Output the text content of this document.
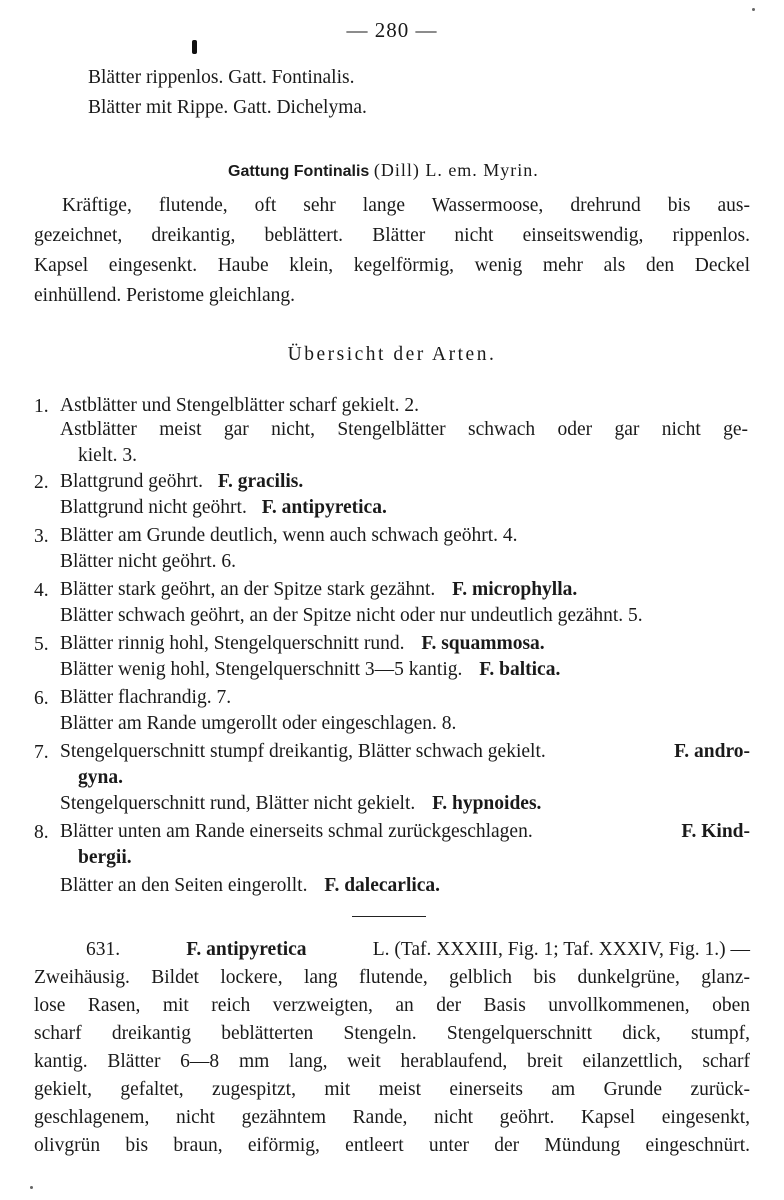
— 280 —
Blätter rippenlos. Gatt. Fontinalis.
Blätter mit Rippe. Gatt. Dichelyma.
Gattung Fontinalis (Dill) L. em. Myrin.
Kräftige, flutende, oft sehr lange Wassermoose, drehrund bis aus-
gezeichnet, dreikantig, beblättert. Blätter nicht einseitswendig, rippenlos.
Kapsel eingesenkt. Haube klein, kegelförmig, wenig mehr als den Deckel
einhüllend. Peristome gleichlang.
Übersicht der Arten.
1. Astblätter und Stengelblätter scharf gekielt. 2.
Astblätter meist gar nicht, Stengelblätter schwach oder gar nicht ge-
kielt. 3.
2. Blattgrund geöhrt. F. gracilis.
Blattgrund nicht geöhrt. F. antipyretica.
3. Blätter am Grunde deutlich, wenn auch schwach geöhrt. 4.
Blätter nicht geöhrt. 6.
4. Blätter stark geöhrt, an der Spitze stark gezähnt. F. microphylla.
Blätter schwach geöhrt, an der Spitze nicht oder nur undeutlich gezähnt. 5.
5. Blätter rinnig hohl, Stengelquerschnitt rund. F. squammosa.
Blätter wenig hohl, Stengelquerschnitt 3—5 kantig. F. baltica.
6. Blätter flachrandig. 7.
Blätter am Rande umgerollt oder eingeschlagen. 8.
7. Stengelquerschnitt stumpf dreikantig, Blätter schwach gekielt.	F. andro-
gyna.
Stengelquerschnitt rund, Blätter nicht gekielt. F. hypnoides.
8. Blätter unten am Rande einerseits schmal zurückgeschlagen.	F. Kind-
bergii.
Blätter an den Seiten eingerollt. F. dalecarlica.
631.	F. antipyretica	L. (Taf. XXXIII, Fig. 1; Taf. XXXIV, Fig. 1.) —
Zweihäusig. Bildet lockere, lang flutende, gelblich bis dunkelgrüne, glanz-
lose Rasen, mit reich verzweigten, an der Basis unvollkommenen, oben
scharf dreikantig beblätterten Stengeln. Stengelquerschnitt dick, stumpf,
kantig. Blätter 6—8 mm lang, weit herablaufend, breit eilanzettlich, scharf
gekielt, gefaltet, zugespitzt, mit meist einerseits am Grunde zurück-
geschlagenem, nicht gezähntem Rande, nicht geöhrt. Kapsel eingesenkt,
olivgrün bis braun, eiförmig, entleert unter der Mündung eingeschnürt.
